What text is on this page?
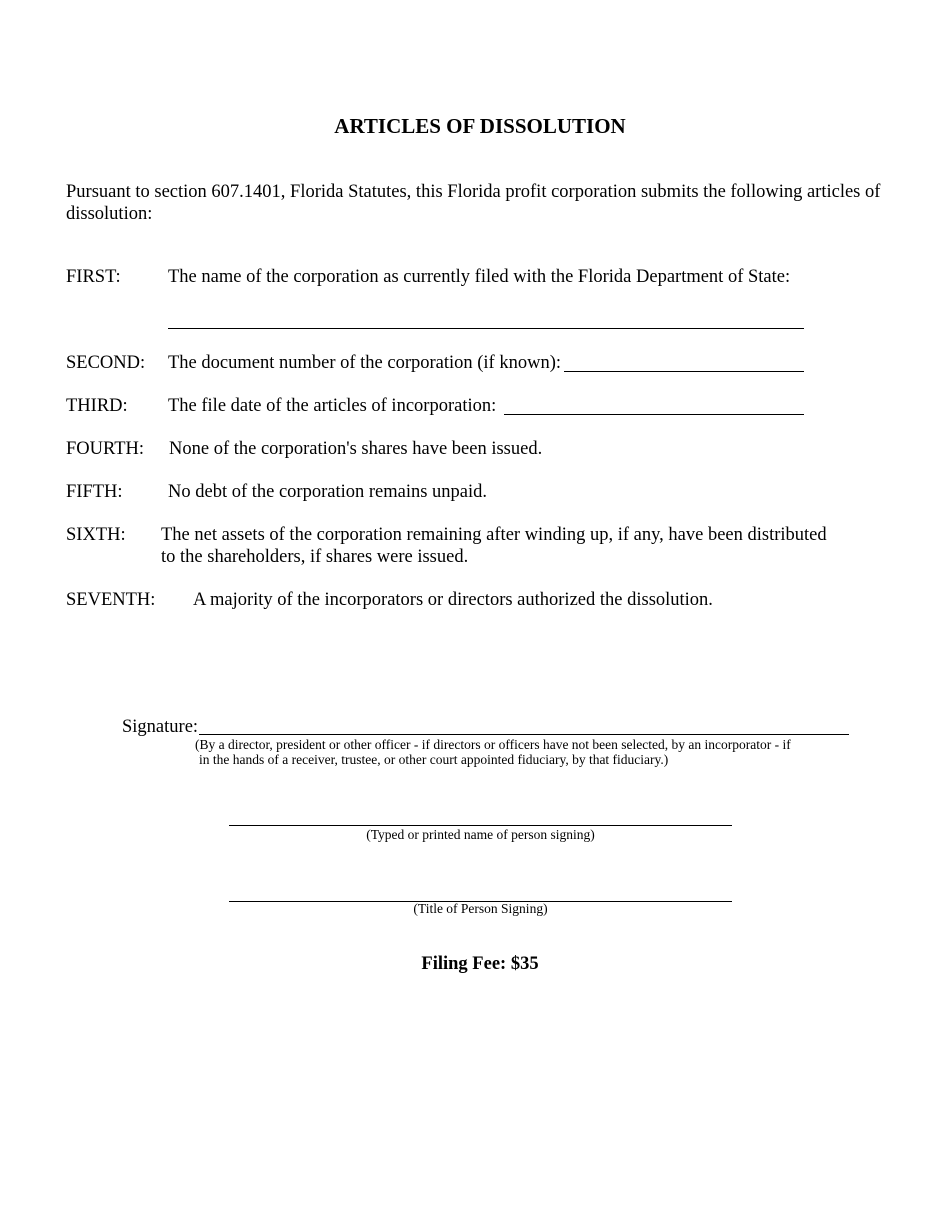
ARTICLES OF DISSOLUTION
Pursuant to section 607.1401, Florida Statutes, this Florida profit corporation submits the following articles of dissolution:
FIRST:	The name of the corporation as currently filed with the Florida Department of State:
SECOND: The document number of the corporation (if known):
THIRD: The file date of the articles of incorporation:
FOURTH: None of the corporation's shares have been issued.
FIFTH: No debt of the corporation remains unpaid.
SIXTH: The net assets of the corporation remaining after winding up, if any, have been distributed
to the shareholders, if shares were issued.
SEVENTH: A majority of the incorporators or directors authorized the dissolution.
Signature:
(By a director, president or other officer - if directors or officers have not been selected, by an incorporator - if
in the hands of a receiver, trustee, or other court appointed fiduciary, by that fiduciary.)
(Typed or printed name of person signing)
(Title of Person Signing)
Filing Fee: $35
